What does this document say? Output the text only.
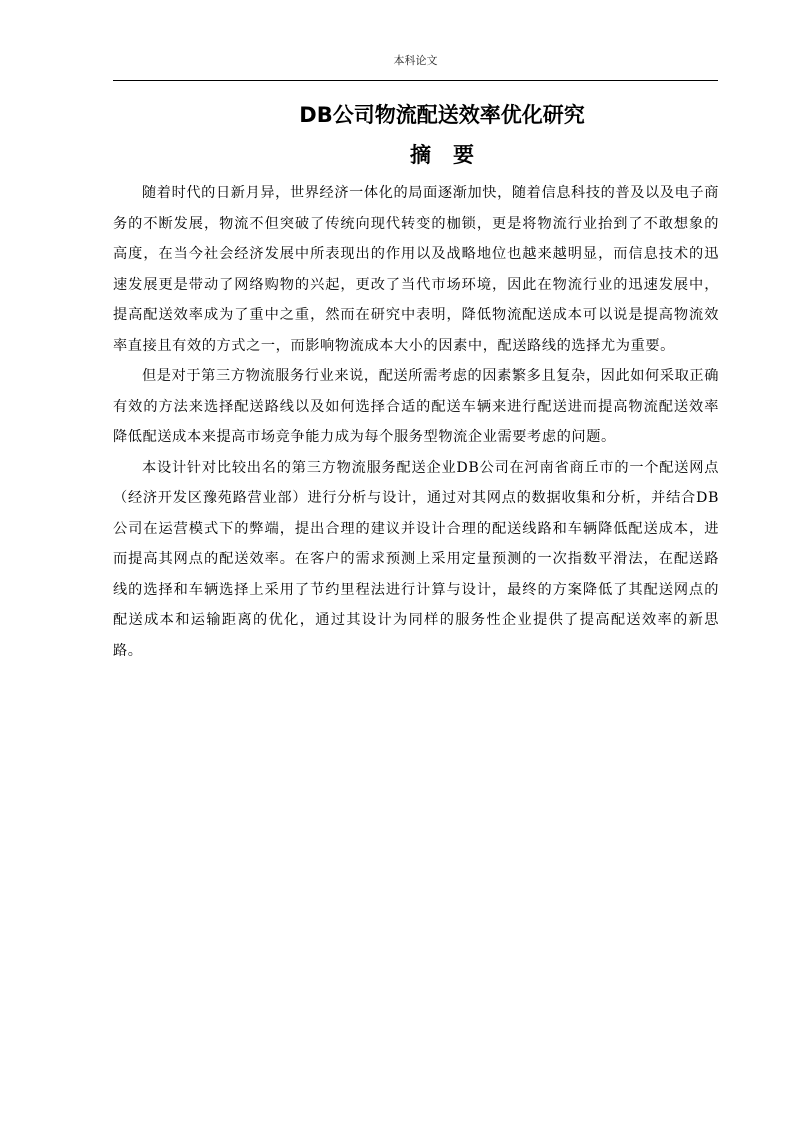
本科论文
DB公司物流配送效率优化研究
摘要

随着时代的日新月异，世界经济一体化的局面逐渐加快，随着信息科技的普及以及电子商务的不断发展，物流不但突破了传统向现代转变的枷锁，更是将物流行业抬到了不敢想象的高度，在当今社会经济发展中所表现出的作用以及战略地位也越来越明显，而信息技术的迅速发展更是带动了网络购物的兴起，更改了当代市场环境，因此在物流行业的迅速发展中，提高配送效率成为了重中之重，然而在研究中表明，降低物流配送成本可以说是提高物流效率直接且有效的方式之一，而影响物流成本大小的因素中，配送路线的选择尤为重要。

但是对于第三方物流服务行业来说，配送所需考虑的因素繁多且复杂，因此如何采取正确有效的方法来选择配送路线以及如何选择合适的配送车辆来进行配送进而提高物流配送效率降低配送成本来提高市场竞争能力成为每个服务型物流企业需要考虑的问题。

本设计针对比较出名的第三方物流服务配送企业DB公司在河南省商丘市的一个配送网点（经济开发区豫苑路营业部）进行分析与设计，通过对其网点的数据收集和分析，并结合DB公司在运营模式下的弊端，提出合理的建议并设计合理的配送线路和车辆降低配送成本，进而提高其网点的配送效率。在客户的需求预测上采用定量预测的一次指数平滑法，在配送路线的选择和车辆选择上采用了节约里程法进行计算与设计，最终的方案降低了其配送网点的配送成本和运输距离的优化，通过其设计为同样的服务性企业提供了提高配送效率的新思路。
